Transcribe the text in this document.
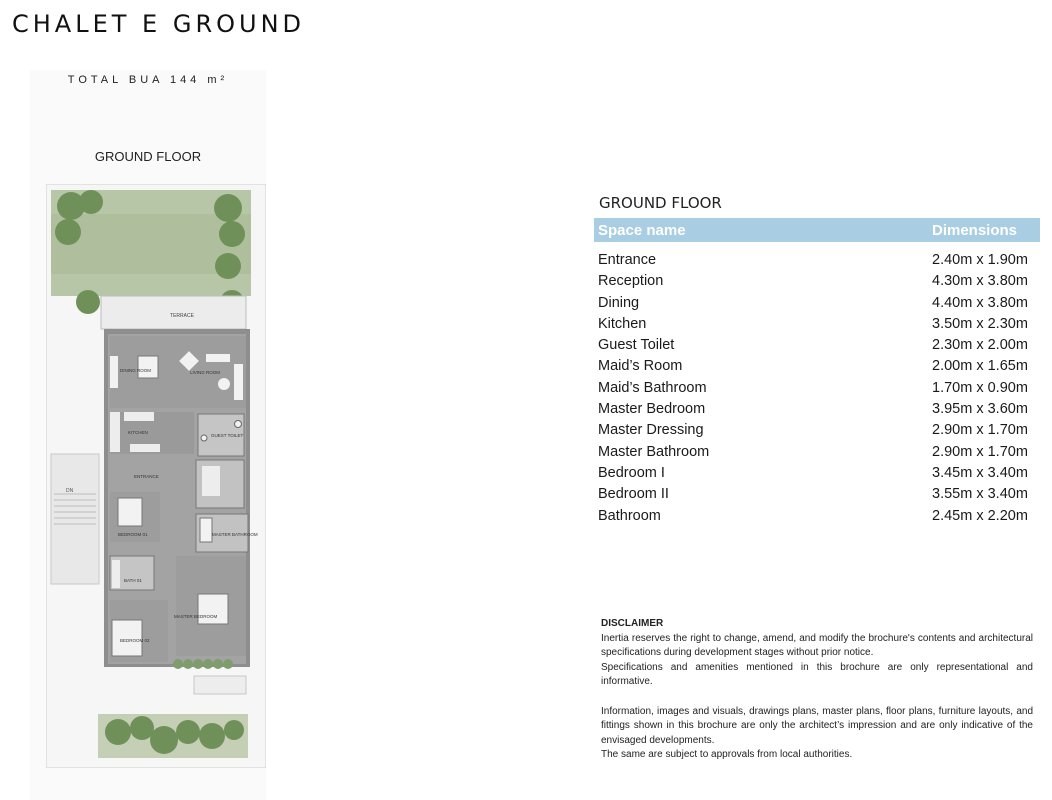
CHALET E GROUND
TOTAL BUA 144 m²
GROUND FLOOR
TERRACE
DN
DINING ROOM	LIVING ROOM
KITCHEN
GUEST TOILET
ENTRANCE
BEDROOM 01	MASTER BATHROOM
BATH 01
MASTER BEDROOM
BEDROOM 02
GROUND FLOOR
Space name	Dimensions
Entrance	2.40m x 1.90m
Reception	4.30m x 3.80m
Dining	4.40m x 3.80m
Kitchen	3.50m x 2.30m
Guest Toilet	2.30m x 2.00m
Maid’s Room	2.00m x 1.65m
Maid’s Bathroom	1.70m x 0.90m
Master Bedroom	3.95m x 3.60m
Master Dressing	2.90m x 1.70m
Master Bathroom	2.90m x 1.70m
Bedroom I	3.45m x 3.40m
Bedroom II	3.55m x 3.40m
Bathroom	2.45m x 2.20m
DISCLAIMER

Inertia reserves the right to change, amend, and modify the brochure's contents and architectural specifications during development stages without prior notice.

Specifications and amenities mentioned in this brochure are only representational and informative.

Information, images and visuals, drawings plans, master plans, floor plans, furniture layouts, and fittings shown in this brochure are only the architect’s impression and are only indicative of the envisaged developments.

The same are subject to approvals from local authorities.
